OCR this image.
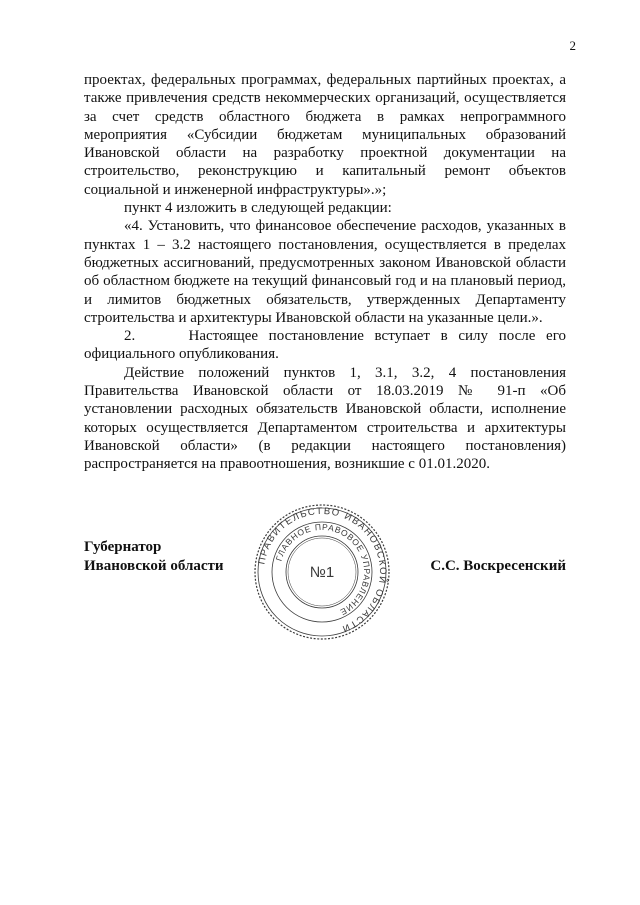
2

проектах, федеральных программах, федеральных партийных проектах, а также привлечения средств некоммерческих организаций, осуществляется за счет средств областного бюджета в рамках непрограммного мероприятия «Субсидии бюджетам муниципальных образований Ивановской области на разработку проектной документации на строительство, реконструкцию и капитальный ремонт объектов социальной и инженерной инфраструктуры».»;

пункт 4 изложить в следующей редакции:

«4. Установить, что финансовое обеспечение расходов, указанных в пунктах 1 – 3.2 настоящего постановления, осуществляется в пределах бюджетных ассигнований, предусмотренных законом Ивановской области об областном бюджете на текущий финансовый год и на плановый период, и лимитов бюджетных обязательств, утвержденных Департаменту строительства и архитектуры Ивановской области на указанные цели.».

2.     Настоящее постановление вступает в силу после его официального опубликования.

Действие положений пунктов 1, 3.1, 3.2, 4 постановления Правительства Ивановской области от 18.03.2019 № 91-п «Об установлении расходных обязательств Ивановской области, исполнение которых осуществляется Департаментом строительства и архитектуры Ивановской области» (в редакции настоящего постановления) распространяется на правоотношения, возникшие с 01.01.2020.

Губернатор
Ивановской области	ПРАВИТЕЛЬСТВО ИВАНОВСКОЙ ОБЛАСТИ
ГЛАВНОЕ ПРАВОВОЕ УПРАВЛЕНИЕ
№1	С.С. Воскресенский
